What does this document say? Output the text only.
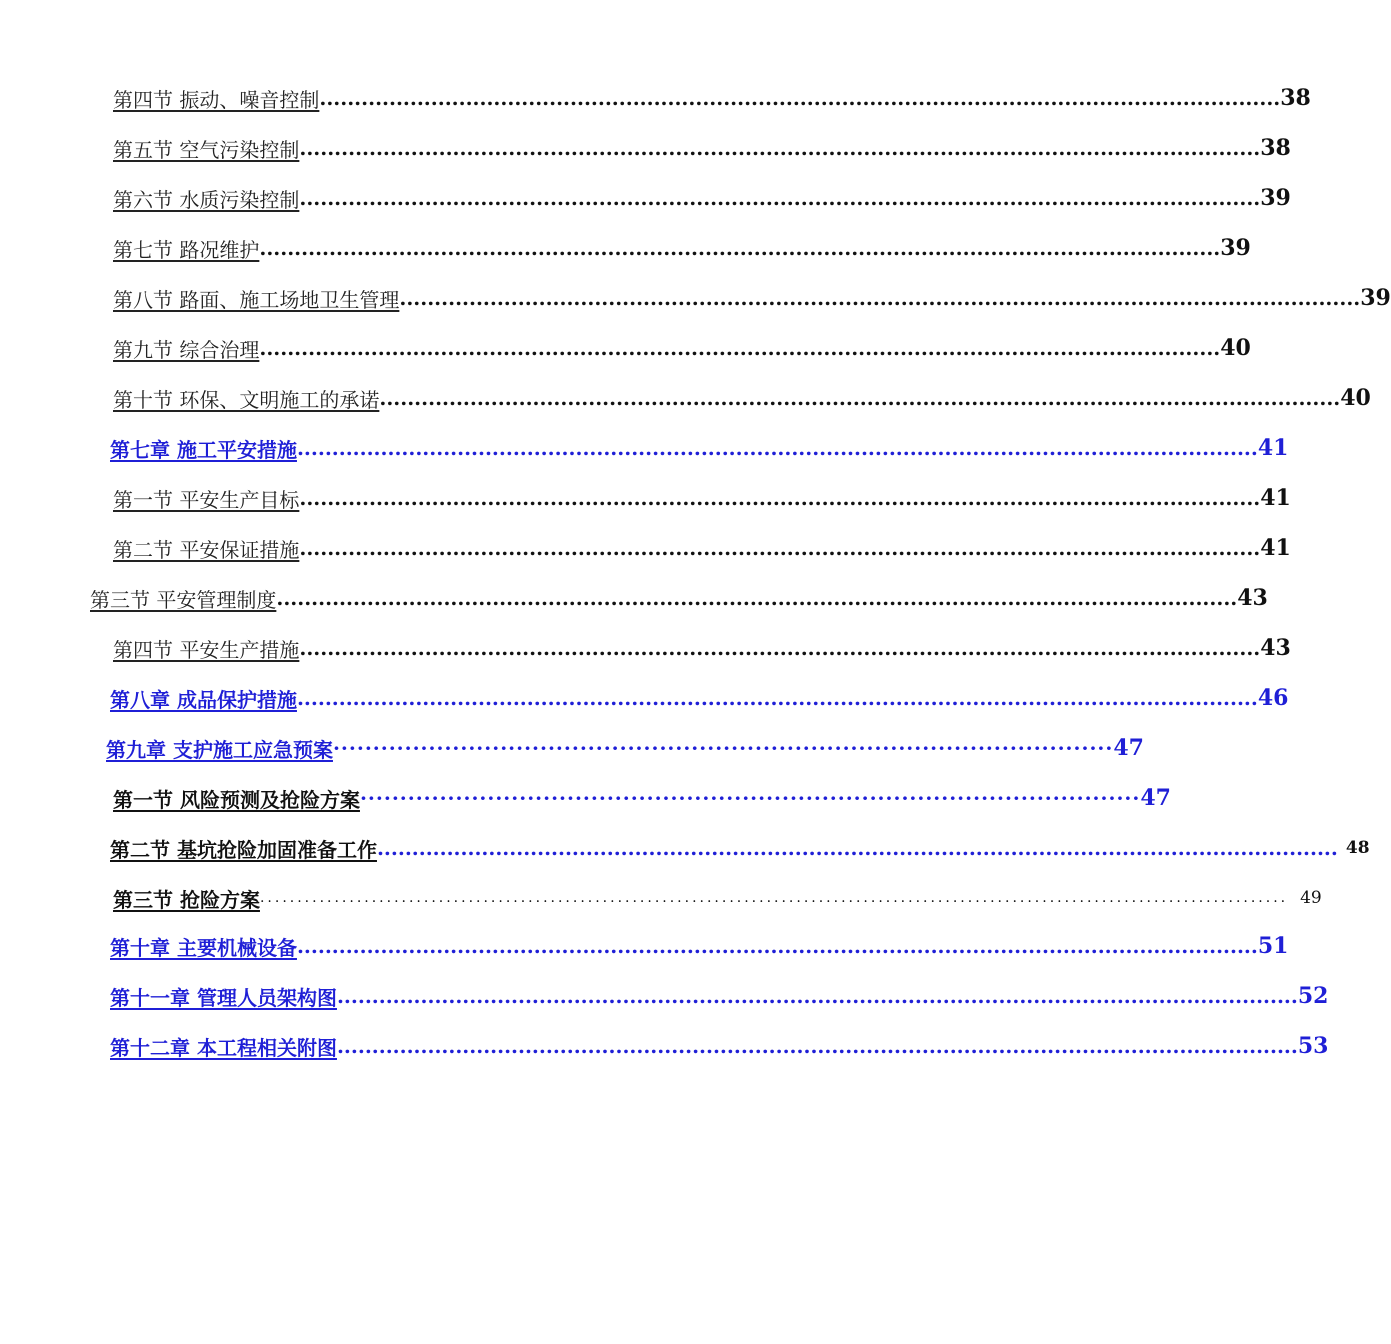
第四节 振动、噪音控制 .......................................................................................................................................... 38
第五节 空气污染控制 .......................................................................................................................................... 38
第六节 水质污染控制 .......................................................................................................................................... 39
第七节 路况维护 .......................................................................................................................................... 39
第八节 路面、施工场地卫生管理 .......................................................................................................................................... 39
第九节 综合治理 .......................................................................................................................................... 40
第十节 环保、文明施工的承诺 .......................................................................................................................................... 40
第七章 施工平安措施 .......................................................................................................................................... 41
第一节 平安生产目标 .......................................................................................................................................... 41
第二节 平安保证措施 .......................................................................................................................................... 41
第三节 平安管理制度 .......................................................................................................................................... 43
第四节 平安生产措施 .......................................................................................................................................... 43
第八章 成品保护措施 .......................................................................................................................................... 46
第九章 支护施工应急预案 ·································································································· 47
第一节 风险预测及抢险方案 ·································································································· 47
第二节 基坑抢险加固准备工作 .......................................................................................................................................... 48
第三节 抢险方案 .......................................................................................................................................... 49
第十章 主要机械设备 .......................................................................................................................................... 51
第十一章 管理人员架构图 .......................................................................................................................................... 52
第十二章 本工程相关附图 .......................................................................................................................................... 53
